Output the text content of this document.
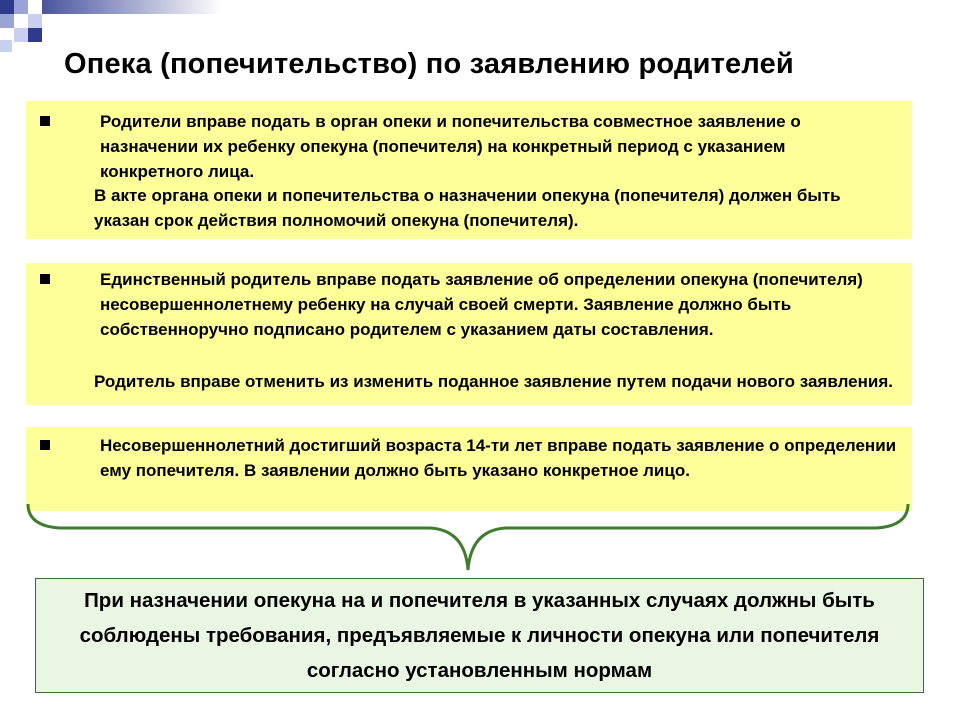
Опека (попечительство) по заявлению родителей
Родители вправе подать в орган опеки и попечительства совместное заявление о назначении их ребенку опекуна (попечителя) на конкретный период с указанием конкретного лица.
В акте органа опеки и попечительства о назначении опекуна (попечителя) должен быть указан срок действия полномочий опекуна (попечителя).
Единственный родитель вправе подать заявление об определении опекуна (попечителя) несовершеннолетнему ребенку на случай своей смерти. Заявление должно быть собственноручно подписано родителем с указанием даты составления.
Родитель вправе отменить из изменить поданное заявление путем подачи нового заявления.
Несовершеннолетний достигший возраста 14-ти лет вправе подать заявление о определении ему попечителя. В заявлении должно быть указано конкретное лицо.
При назначении опекуна на и попечителя в указанных случаях должны быть соблюдены требования, предъявляемые к личности опекуна или попечителя согласно установленным нормам
